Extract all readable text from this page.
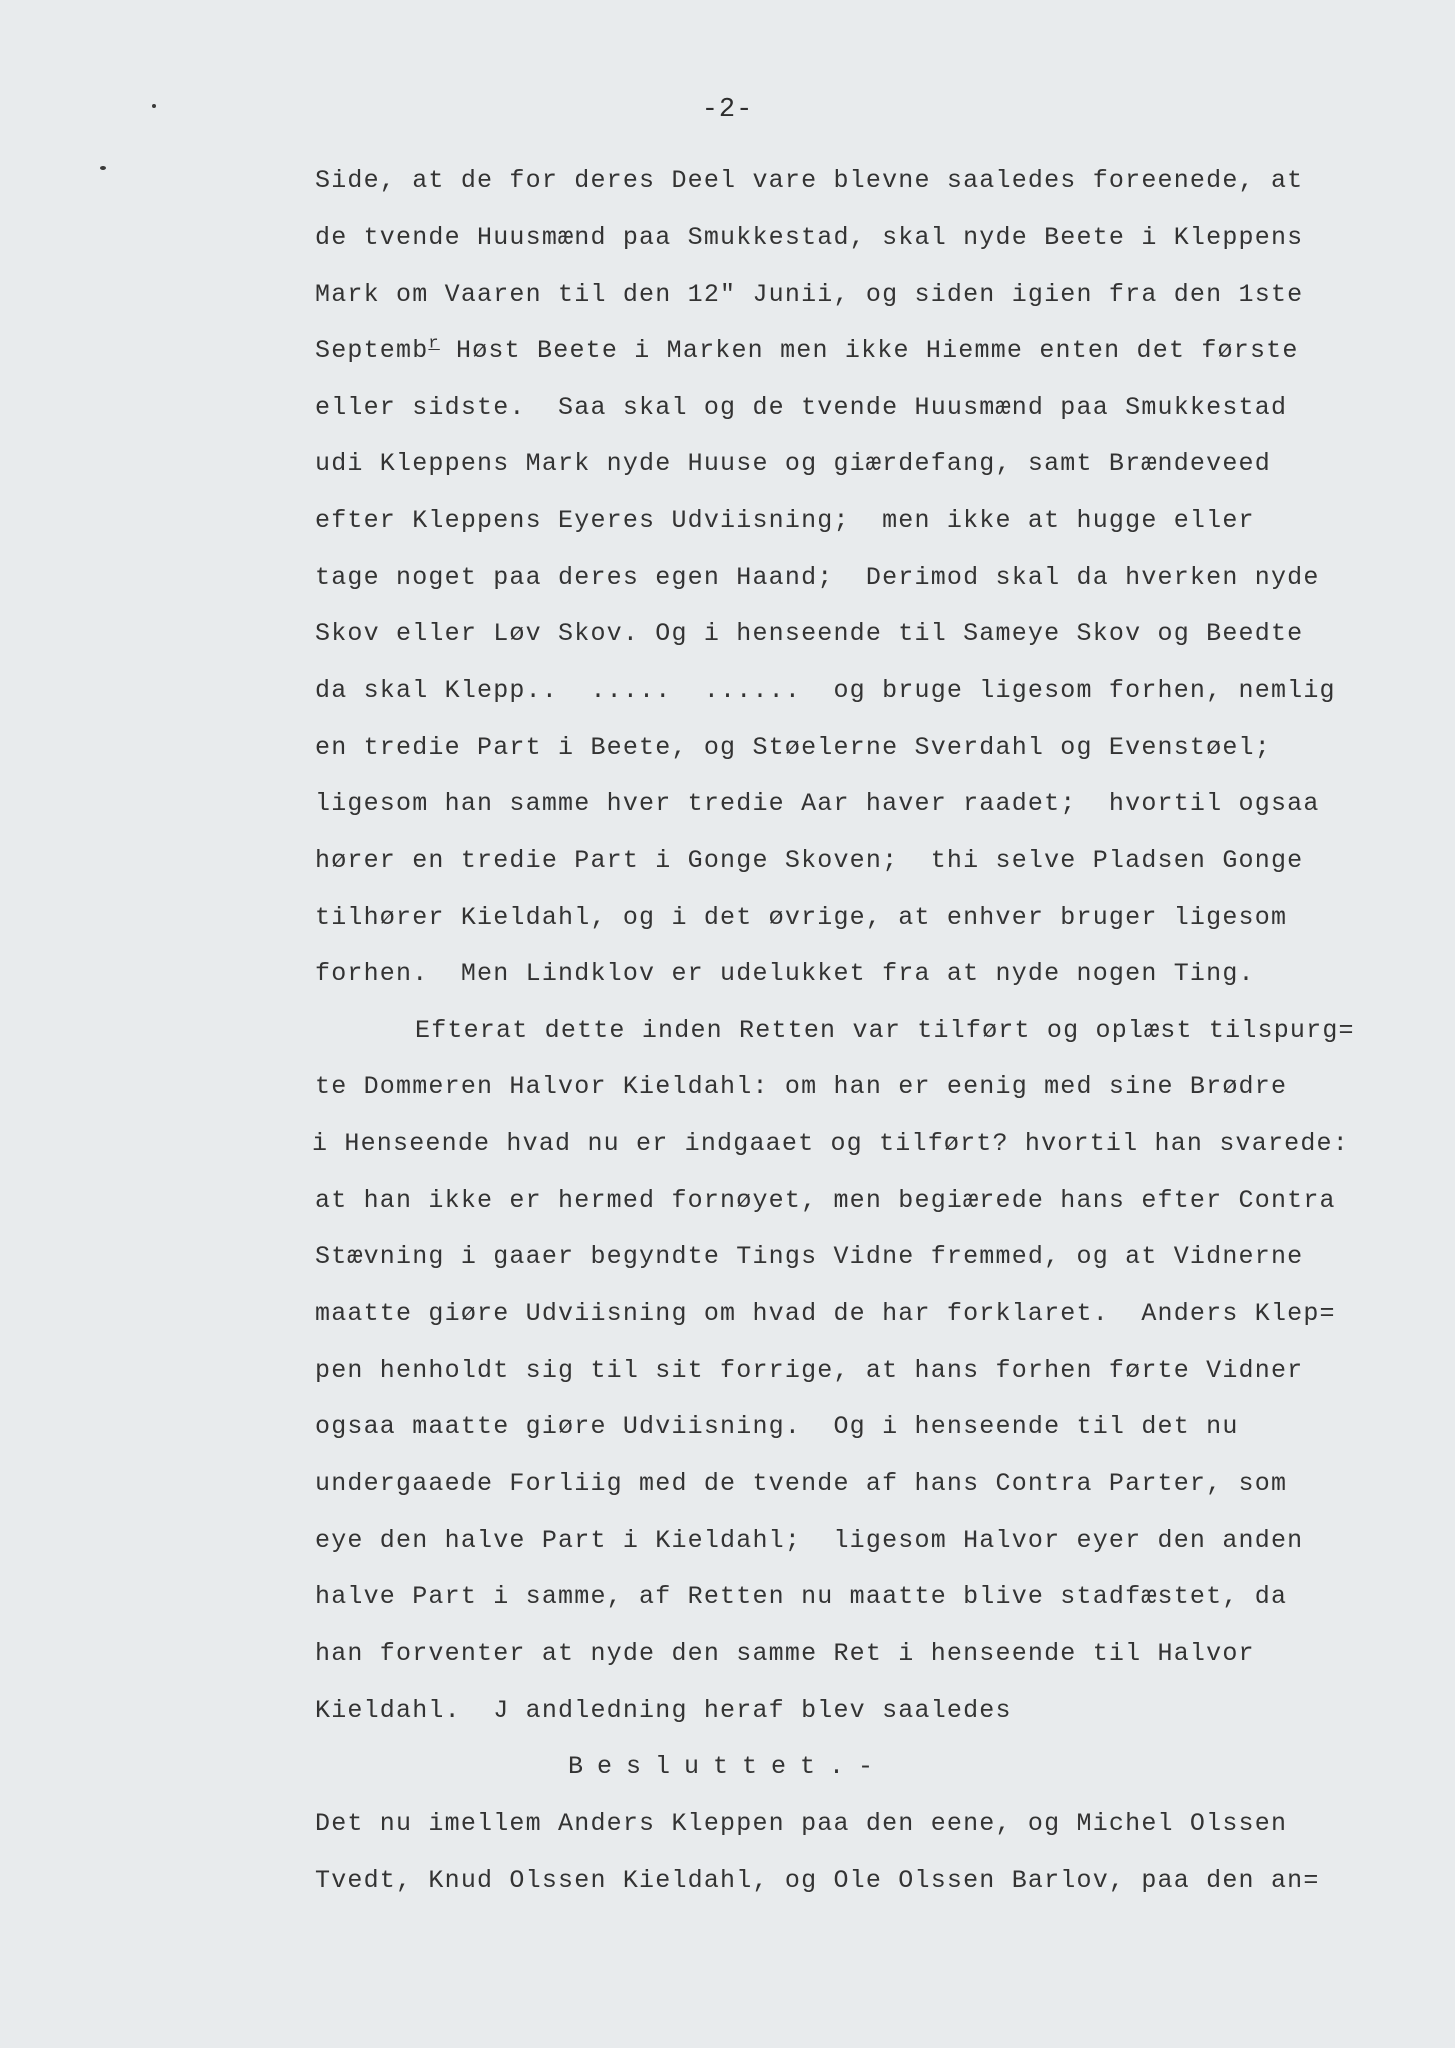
-2-
Side, at de for deres Deel vare blevne saaledes foreenede, at
de tvende Huusmænd paa Smukkestad, skal nyde Beete i Kleppens
Mark om Vaaren til den 12" Junii, og siden igien fra den 1ste
Septemb$^r$ Høst Beete i Marken men ikke Hiemme enten det første
eller sidste.  Saa skal og de tvende Huusmænd paa Smukkestad
udi Kleppens Mark nyde Huuse og giærdefang, samt Brændeveed
efter Kleppens Eyeres Udviisning;  men ikke at hugge eller
tage noget paa deres egen Haand;  Derimod skal da hverken nyde
Skov eller Løv Skov. Og i henseende til Sameye Skov og Beedte
da skal Klepp..  .....  ......  og bruge ligesom forhen, nemlig
en tredie Part i Beete, og Støelerne Sverdahl og Evenstøel;
ligesom han samme hver tredie Aar haver raadet;  hvortil ogsaa
hører en tredie Part i Gonge Skoven;  thi selve Pladsen Gonge
tilhører Kieldahl, og i det øvrige, at enhver bruger ligesom
forhen.  Men Lindklov er udelukket fra at nyde nogen Ting.
Efterat dette inden Retten var tilført og oplæst tilspurg=
te Dommeren Halvor Kieldahl: om han er eenig med sine Brødre
i Henseende hvad nu er indgaaet og tilført? hvortil han svarede:
at han ikke er hermed fornøyet, men begiærede hans efter Contra
Stævning i gaaer begyndte Tings Vidne fremmed, og at Vidnerne
maatte giøre Udviisning om hvad de har forklaret.  Anders Klep=
pen henholdt sig til sit forrige, at hans forhen førte Vidner
ogsaa maatte giøre Udviisning.  Og i henseende til det nu
undergaaede Forliig med de tvende af hans Contra Parter, som
eye den halve Part i Kieldahl;  ligesom Halvor eyer den anden
halve Part i samme, af Retten nu maatte blive stadfæstet, da
han forventer at nyde den samme Ret i henseende til Halvor
Kieldahl.  J andledning heraf blev saaledes
Besluttet.-
Det nu imellem Anders Kleppen paa den eene, og Michel Olssen
Tvedt, Knud Olssen Kieldahl, og Ole Olssen Barlov, paa den an=
